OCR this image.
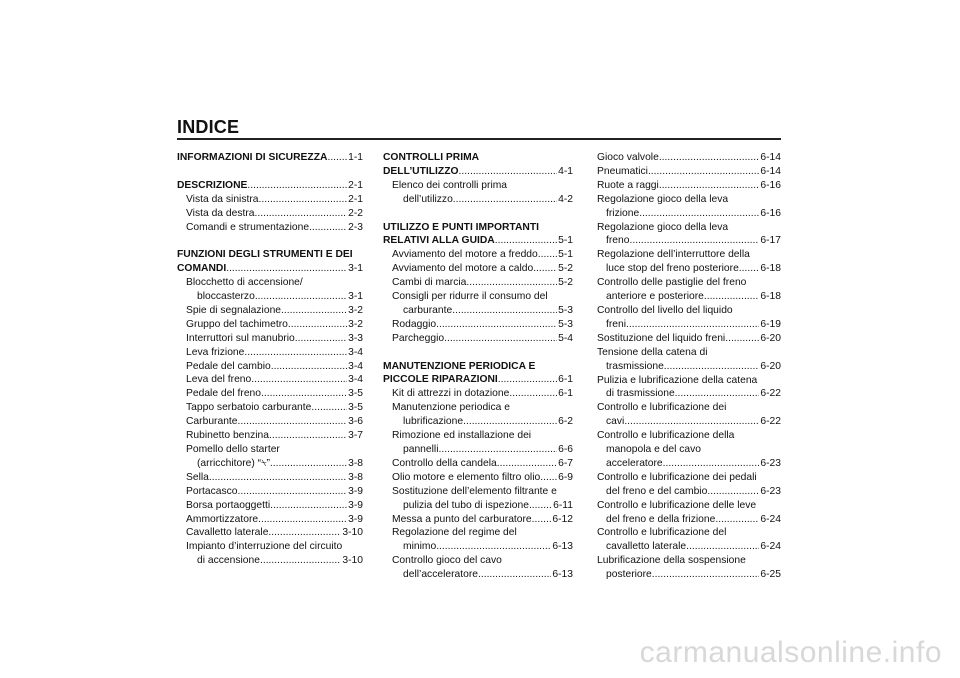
INDICE
INFORMAZIONI DI SICUREZZA ..... 1-1
DESCRIZIONE .....	2-1
Vista da sinistra .....	2-1
Vista da destra .....	2-2
Comandi e strumentazione .....	2-3
FUNZIONI DEGLI STRUMENTI E DEI
COMANDI .....	3-1
Blocchetto di accensione/
bloccasterzo .....	3-1
Spie di segnalazione .....	3-2
Gruppo del tachimetro .....	3-2
Interruttori sul manubrio .....	3-3
Leva frizione .....	3-4
Pedale del cambio .....	3-4
Leva del freno .....	3-4
Pedale del freno .....	3-5
Tappo serbatoio carburante .....	3-5
Carburante .....	3-6
Rubinetto benzina .....	3-7
Pomello dello starter
(arricchitore) “⍀” .....	3-8
Sella .....	3-8
Portacasco .....	3-9
Borsa portaoggetti .....	3-9
Ammortizzatore .....	3-9
Cavalletto laterale .....	3-10
Impianto d’interruzione del circuito
di accensione .....	3-10
CONTROLLI PRIMA
DELL’UTILIZZO .....	4-1
Elenco dei controlli prima
dell’utilizzo .....	4-2
UTILIZZO E PUNTI IMPORTANTI
RELATIVI ALLA GUIDA .....	5-1
Avviamento del motore a freddo ..... 5-1
Avviamento del motore a caldo ..... 5-2
Cambi di marcia .....	5-2
Consigli per ridurre il consumo del
carburante .....	5-3
Rodaggio .....	5-3
Parcheggio .....	5-4
MANUTENZIONE PERIODICA E
PICCOLE RIPARAZIONI .....	6-1
Kit di attrezzi in dotazione .....	6-1
Manutenzione periodica e
lubrificazione .....	6-2
Rimozione ed installazione dei
pannelli .....	6-6
Controllo della candela .....	6-7
Olio motore e elemento filtro olio ..... 6-9
Sostituzione dell’elemento filtrante e
pulizia del tubo di ispezione ..... 6-11
Messa a punto del carburatore ..... 6-12
Regolazione del regime del
minimo .....	6-13
Controllo gioco del cavo
dell’acceleratore .....	6-13
Gioco valvole .....	6-14
Pneumatici .....	6-14
Ruote a raggi .....	6-16
Regolazione gioco della leva
frizione .....	6-16
Regolazione gioco della leva
freno .....	6-17
Regolazione dell’interruttore della
luce stop del freno posteriore ..... 6-18
Controllo delle pastiglie del freno
anteriore e posteriore .....	6-18
Controllo del livello del liquido
freni .....	6-19
Sostituzione del liquido freni .....	6-20
Tensione della catena di
trasmissione .....	6-20
Pulizia e lubrificazione della catena
di trasmissione .....	6-22
Controllo e lubrificazione dei
cavi .....	6-22
Controllo e lubrificazione della
manopola e del cavo
acceleratore .....	6-23
Controllo e lubrificazione dei pedali
del freno e del cambio .....	6-23
Controllo e lubrificazione delle leve
del freno e della frizione .....	6-24
Controllo e lubrificazione del
cavalletto laterale .....	6-24
Lubrificazione della sospensione
posteriore .....	6-25
carmanualsonline.info
